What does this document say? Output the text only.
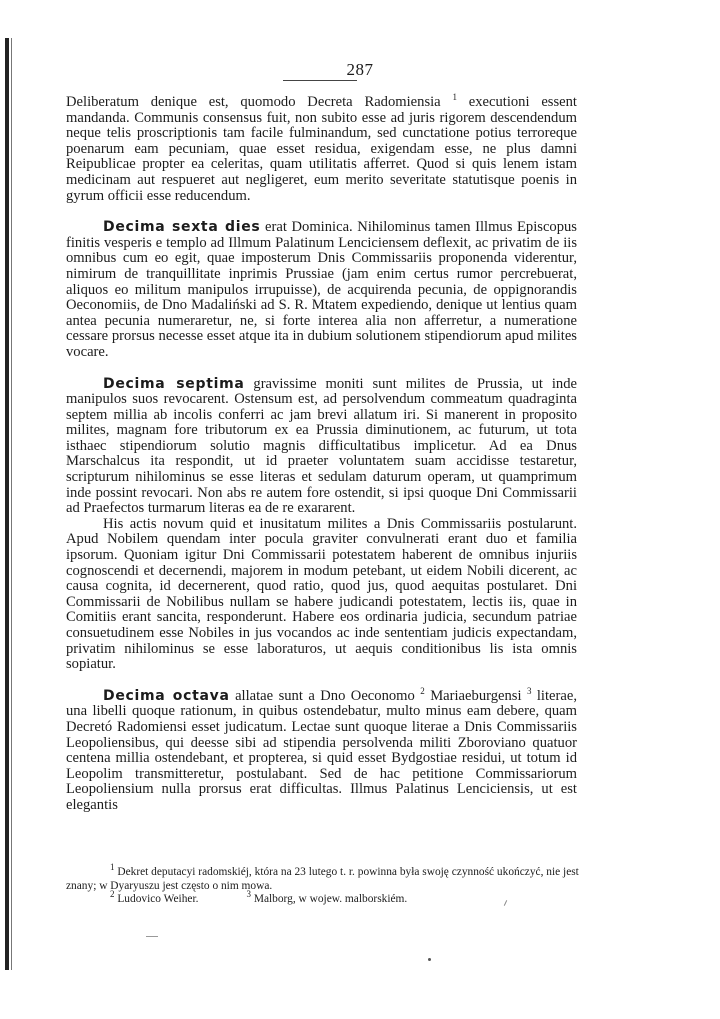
287

Deliberatum denique est, quomodo Decreta Radomiensia $^1$ executioni essent mandanda. Communis consensus fuit, non subito esse ad juris rigorem descendendum neque telis proscriptionis tam facile fulminandum, sed cunctatione potius terroreque poenarum eam pecuniam, quae esset residua, exigendam esse, ne plus damni Reipublicae propter ea celeritas, quam utilitatis afferret. Quod si quis lenem istam medicinam aut respueret aut negligeret, eum merito severitate statutisque poenis in gyrum officii esse reducendum.

Decima sexta dies erat Dominica. Nihilominus tamen Illmus Episcopus finitis vesperis e templo ad Illmum Palatinum Lenciciensem deflexit, ac privatim de iis omnibus cum eo egit, quae imposterum Dnis Commissariis proponenda viderentur, nimirum de tranquillitate inprimis Prussiae (jam enim certus rumor percrebuerat, aliquos eo militum manipulos irrupuisse), de acquirenda pecunia, de oppignorandis Oeconomiis, de Dno Madaliński ad S. R. Mtatem expediendo, denique ut lentius quam antea pecunia numeraretur, ne, si forte interea alia non afferretur, a numeratione cessare prorsus necesse esset atque ita in dubium solutionem stipendiorum apud milites vocare.

Decima septima gravissime moniti sunt milites de Prussia, ut inde manipulos suos revocarent. Ostensum est, ad persolvendum commeatum quadraginta septem millia ab incolis conferri ac jam brevi allatum iri. Si manerent in proposito milites, magnam fore tributorum ex ea Prussia diminutionem, ac futurum, ut tota isthaec stipendiorum solutio magnis difficultatibus implicetur. Ad ea Dnus Marschalcus ita respondit, ut id praeter voluntatem suam accidisse testaretur, scripturum nihilominus se esse literas et sedulam daturum operam, ut quamprimum inde possint revocari. Non abs re autem fore ostendit, si ipsi quoque Dni Commissarii ad Praefectos turmarum literas ea de re exararent.

His actis novum quid et inusitatum milites a Dnis Commissariis postularunt. Apud Nobilem quendam inter pocula graviter convulnerati erant duo et familia ipsorum. Quoniam igitur Dni Commissarii potestatem haberent de omnibus injuriis cognoscendi et decernendi, majorem in modum petebant, ut eidem Nobili dicerent, ac causa cognita, id decernerent, quod ratio, quod jus, quod aequitas postularet. Dni Commissarii de Nobilibus nullam se habere judicandi potestatem, lectis iis, quae in Comitiis erant sancita, responderunt. Habere eos ordinaria judicia, secundum patriae consuetudinem esse Nobiles in jus vocandos ac inde sententiam judicis expectandam, privatim nihilominus se esse laboraturos, ut aequis conditionibus lis ista omnis sopiatur.

Decima octava allatae sunt a Dno Oeconomo $^2$ Mariaeburgensi $^3$ literae, una libelli quoque rationum, in quibus ostendebatur, multo minus eam debere, quam Decretó Radomiensi esset judicatum. Lectae sunt quoque literae a Dnis Commissariis Leopoliensibus, qui deesse sibi ad stipendia persolvenda militi Zboroviano quatuor centena millia ostendebant, et propterea, si quid esset Bydgostiae residui, ut totum id Leopolim transmitteretur, postulabant. Sed de hac petitione Commissariorum Leopoliensium nulla prorsus erat difficultas. Illmus Palatinus Lenciciensis, ut est elegantis

$^1$ Dekret deputacyi radomskiéj, która na 23 lutego t. r. powinna była swoję czynność ukończyć, nie jest znany; w Dyaryuszu jest często o nim mowa.

$^2$ Ludovico Weiher.	$^3$ Malborg, w wojew. malborskiém.
